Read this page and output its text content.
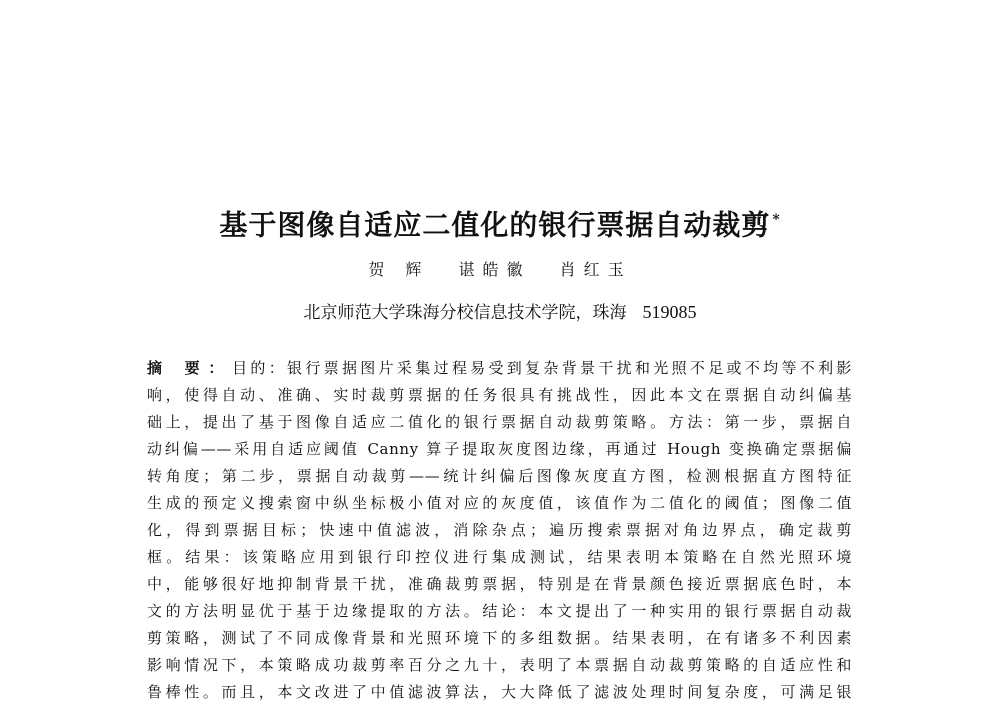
基于图像自适应二值化的银行票据自动裁剪 *
贺 辉 谌皓徽 肖红玉
北京师范大学珠海分校信息技术学院，珠海 519085
摘 要：目的：银行票据图片采集过程易受到复杂背景干扰和光照不足或不均等不利影
响，使得自动、准确、实时裁剪票据的任务很具有挑战性，因此本文在票据自动纠偏基
础上，提出了基于图像自适应二值化的银行票据自动裁剪策略。方法：第一步，票据自
动纠偏——采用自适应阈值 Canny 算子提取灰度图边缘，再通过 Hough 变换确定票据偏
转角度；第二步，票据自动裁剪——统计纠偏后图像灰度直方图，检测根据直方图特征
生成的预定义搜索窗中纵坐标极小值对应的灰度值，该值作为二值化的阈值；图像二值
化，得到票据目标；快速中值滤波，消除杂点；遍历搜索票据对角边界点，确定裁剪
框。结果：该策略应用到银行印控仪进行集成测试，结果表明本策略在自然光照环境
中，能够很好地抑制背景干扰，准确裁剪票据，特别是在背景颜色接近票据底色时，本
文的方法明显优于基于边缘提取的方法。结论：本文提出了一种实用的银行票据自动裁
剪策略，测试了不同成像背景和光照环境下的多组数据。结果表明，在有诸多不利因素
影响情况下，本策略成功裁剪率百分之九十，表明了本票据自动裁剪策略的自适应性和
鲁棒性。而且，本文改进了中值滤波算法，大大降低了滤波处理时间复杂度，可满足银
